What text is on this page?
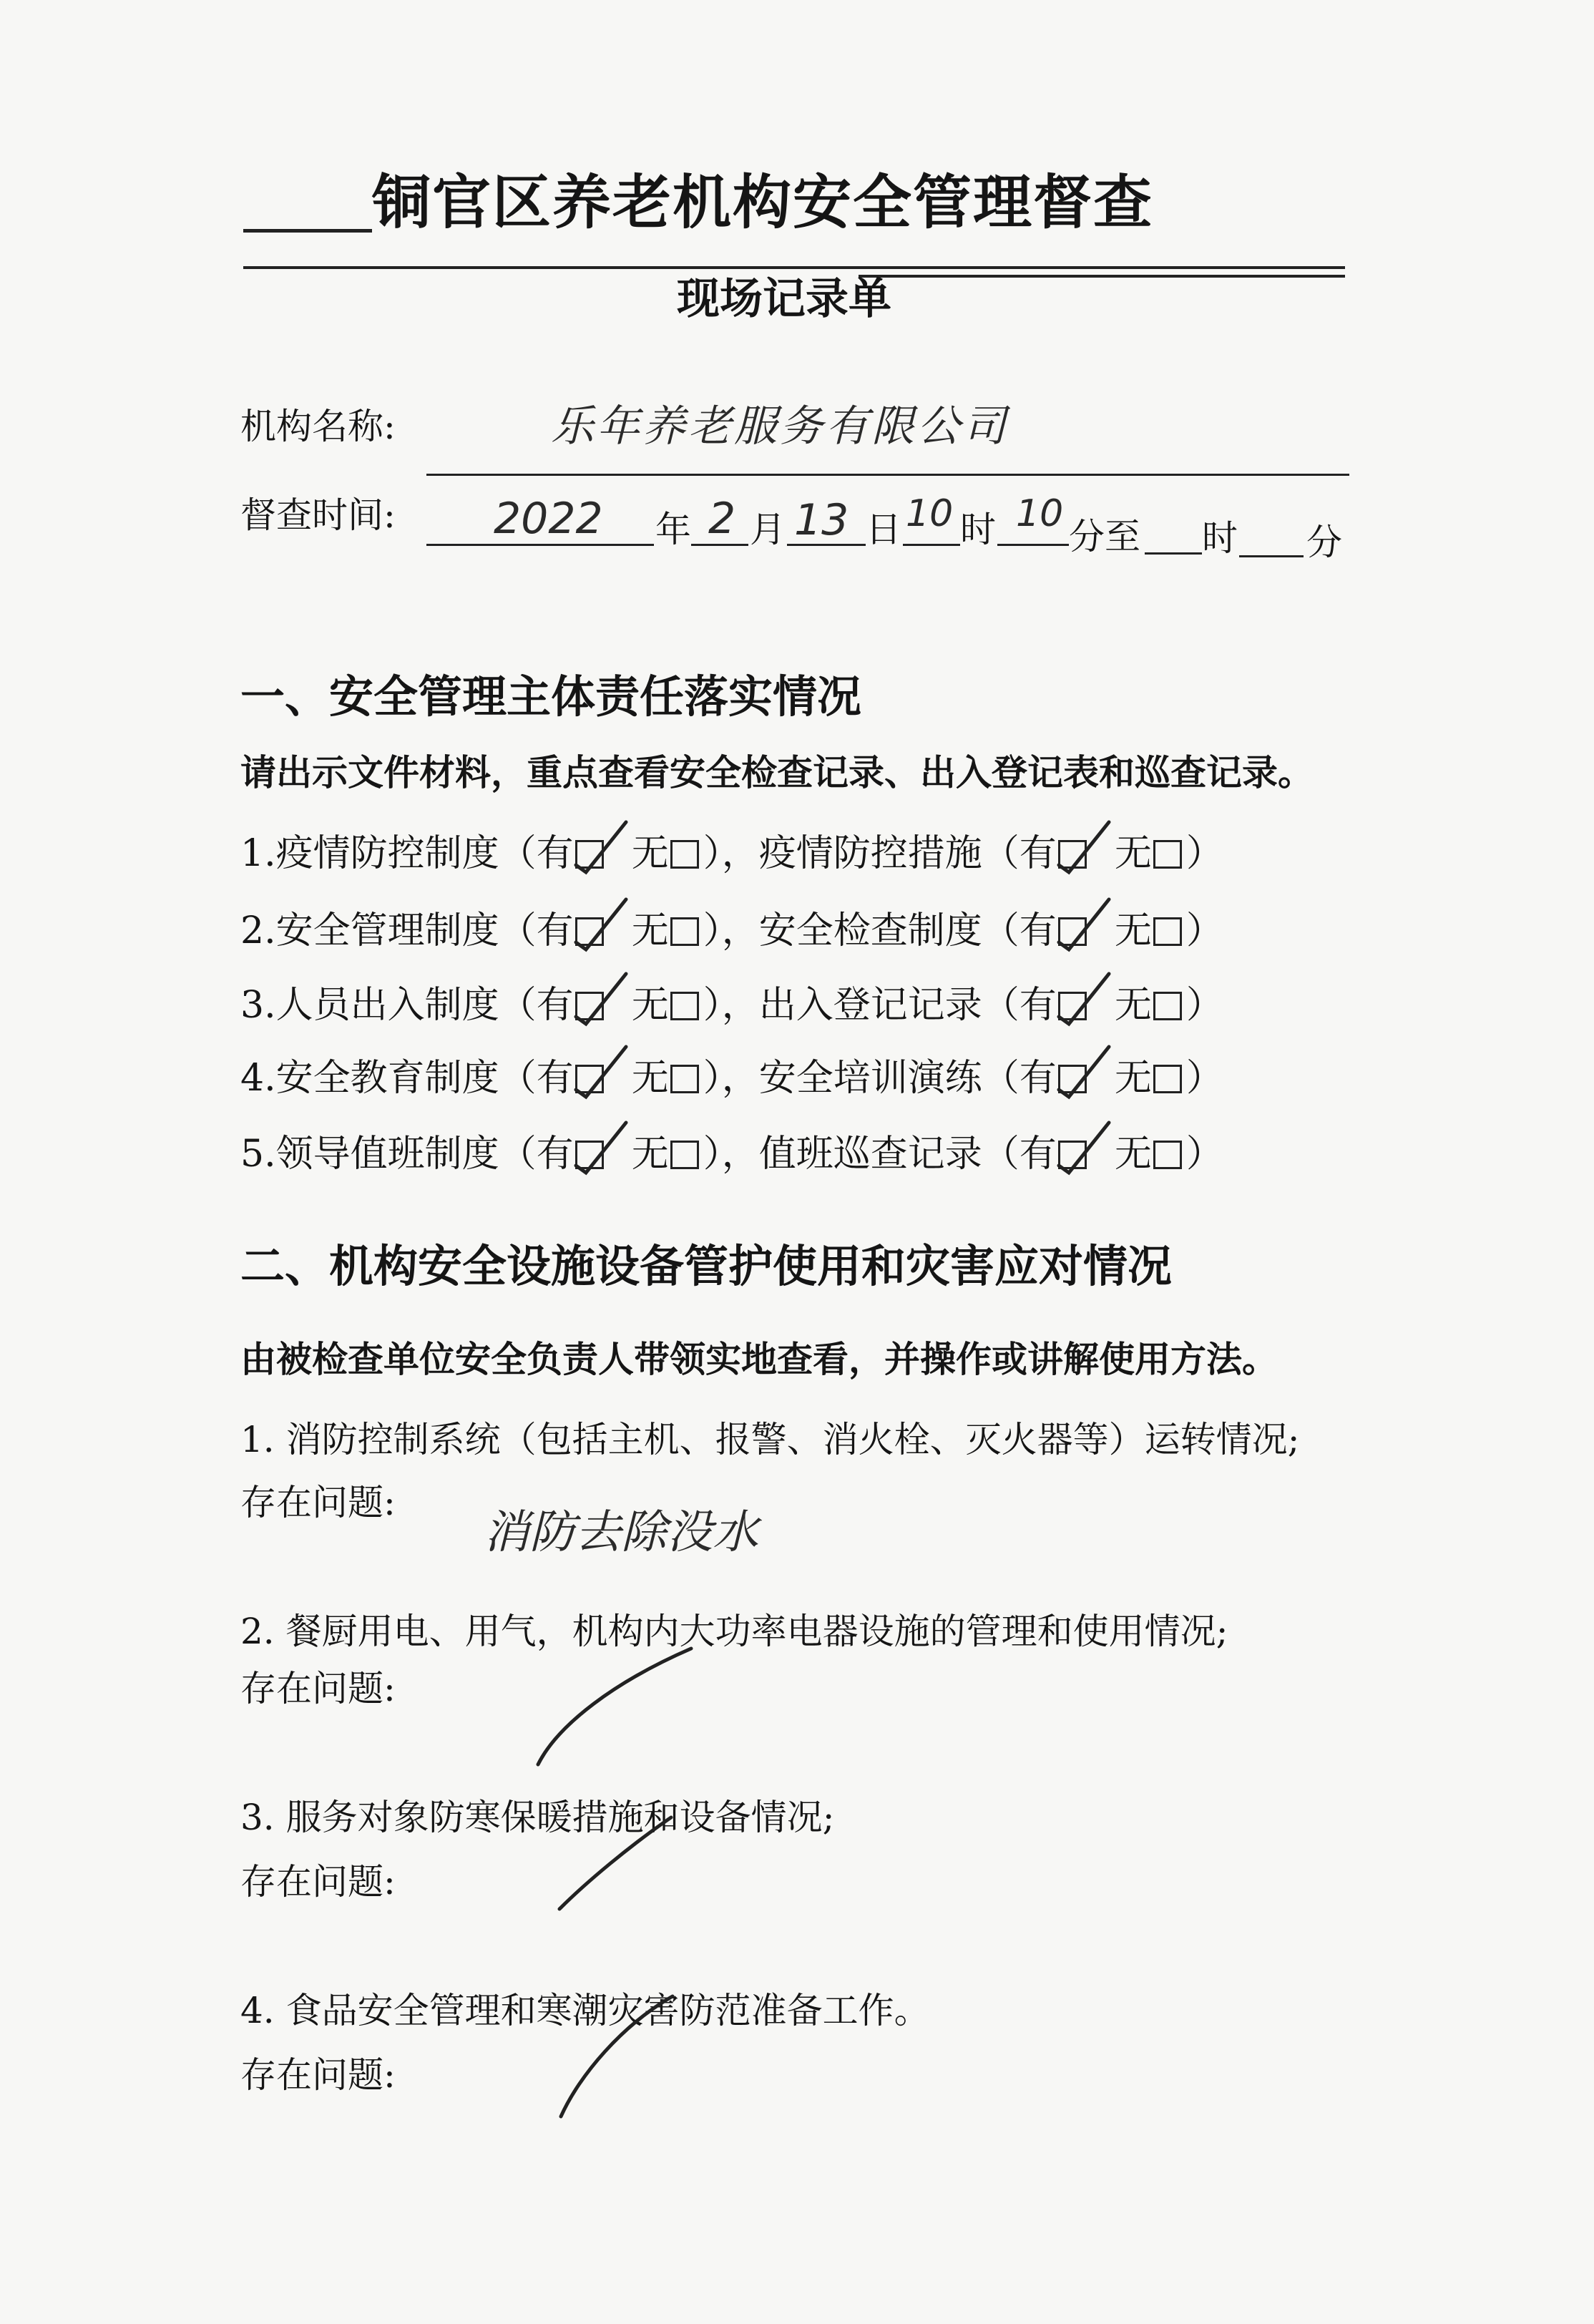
铜官区养老机构安全管理督查
现场记录单
机构名称:	乐年养老服务有限公司
督查时间: 2022 年 2 月 13 日 10 时 10
分至 时 分
一、安全管理主体责任落实情况
请出示文件材料，重点查看安全检查记录、出入登记表和巡查记录。
1.疫情防控制度（有 无 ），疫情防控措施（有 无 ）
2.安全管理制度（有 无 ），安全检查制度（有 无 ）
3.人员出入制度（有 无 ），出入登记记录（有 无 ）
4.安全教育制度（有 无 ），安全培训演练（有 无 ）
5.领导值班制度（有 无 ），值班巡查记录（有 无 ）
二、机构安全设施设备管护使用和灾害应对情况
由被检查单位安全负责人带领实地查看，并操作或讲解使用方法。
1. 消防控制系统（包括主机、报警、消火栓、灭火器等）运转情况;
存在问题:
消防去除没水
2. 餐厨用电、用气，机构内大功率电器设施的管理和使用情况;
存在问题:
3. 服务对象防寒保暖措施和设备情况;
存在问题:
4. 食品安全管理和寒潮灾害防范准备工作。
存在问题:
